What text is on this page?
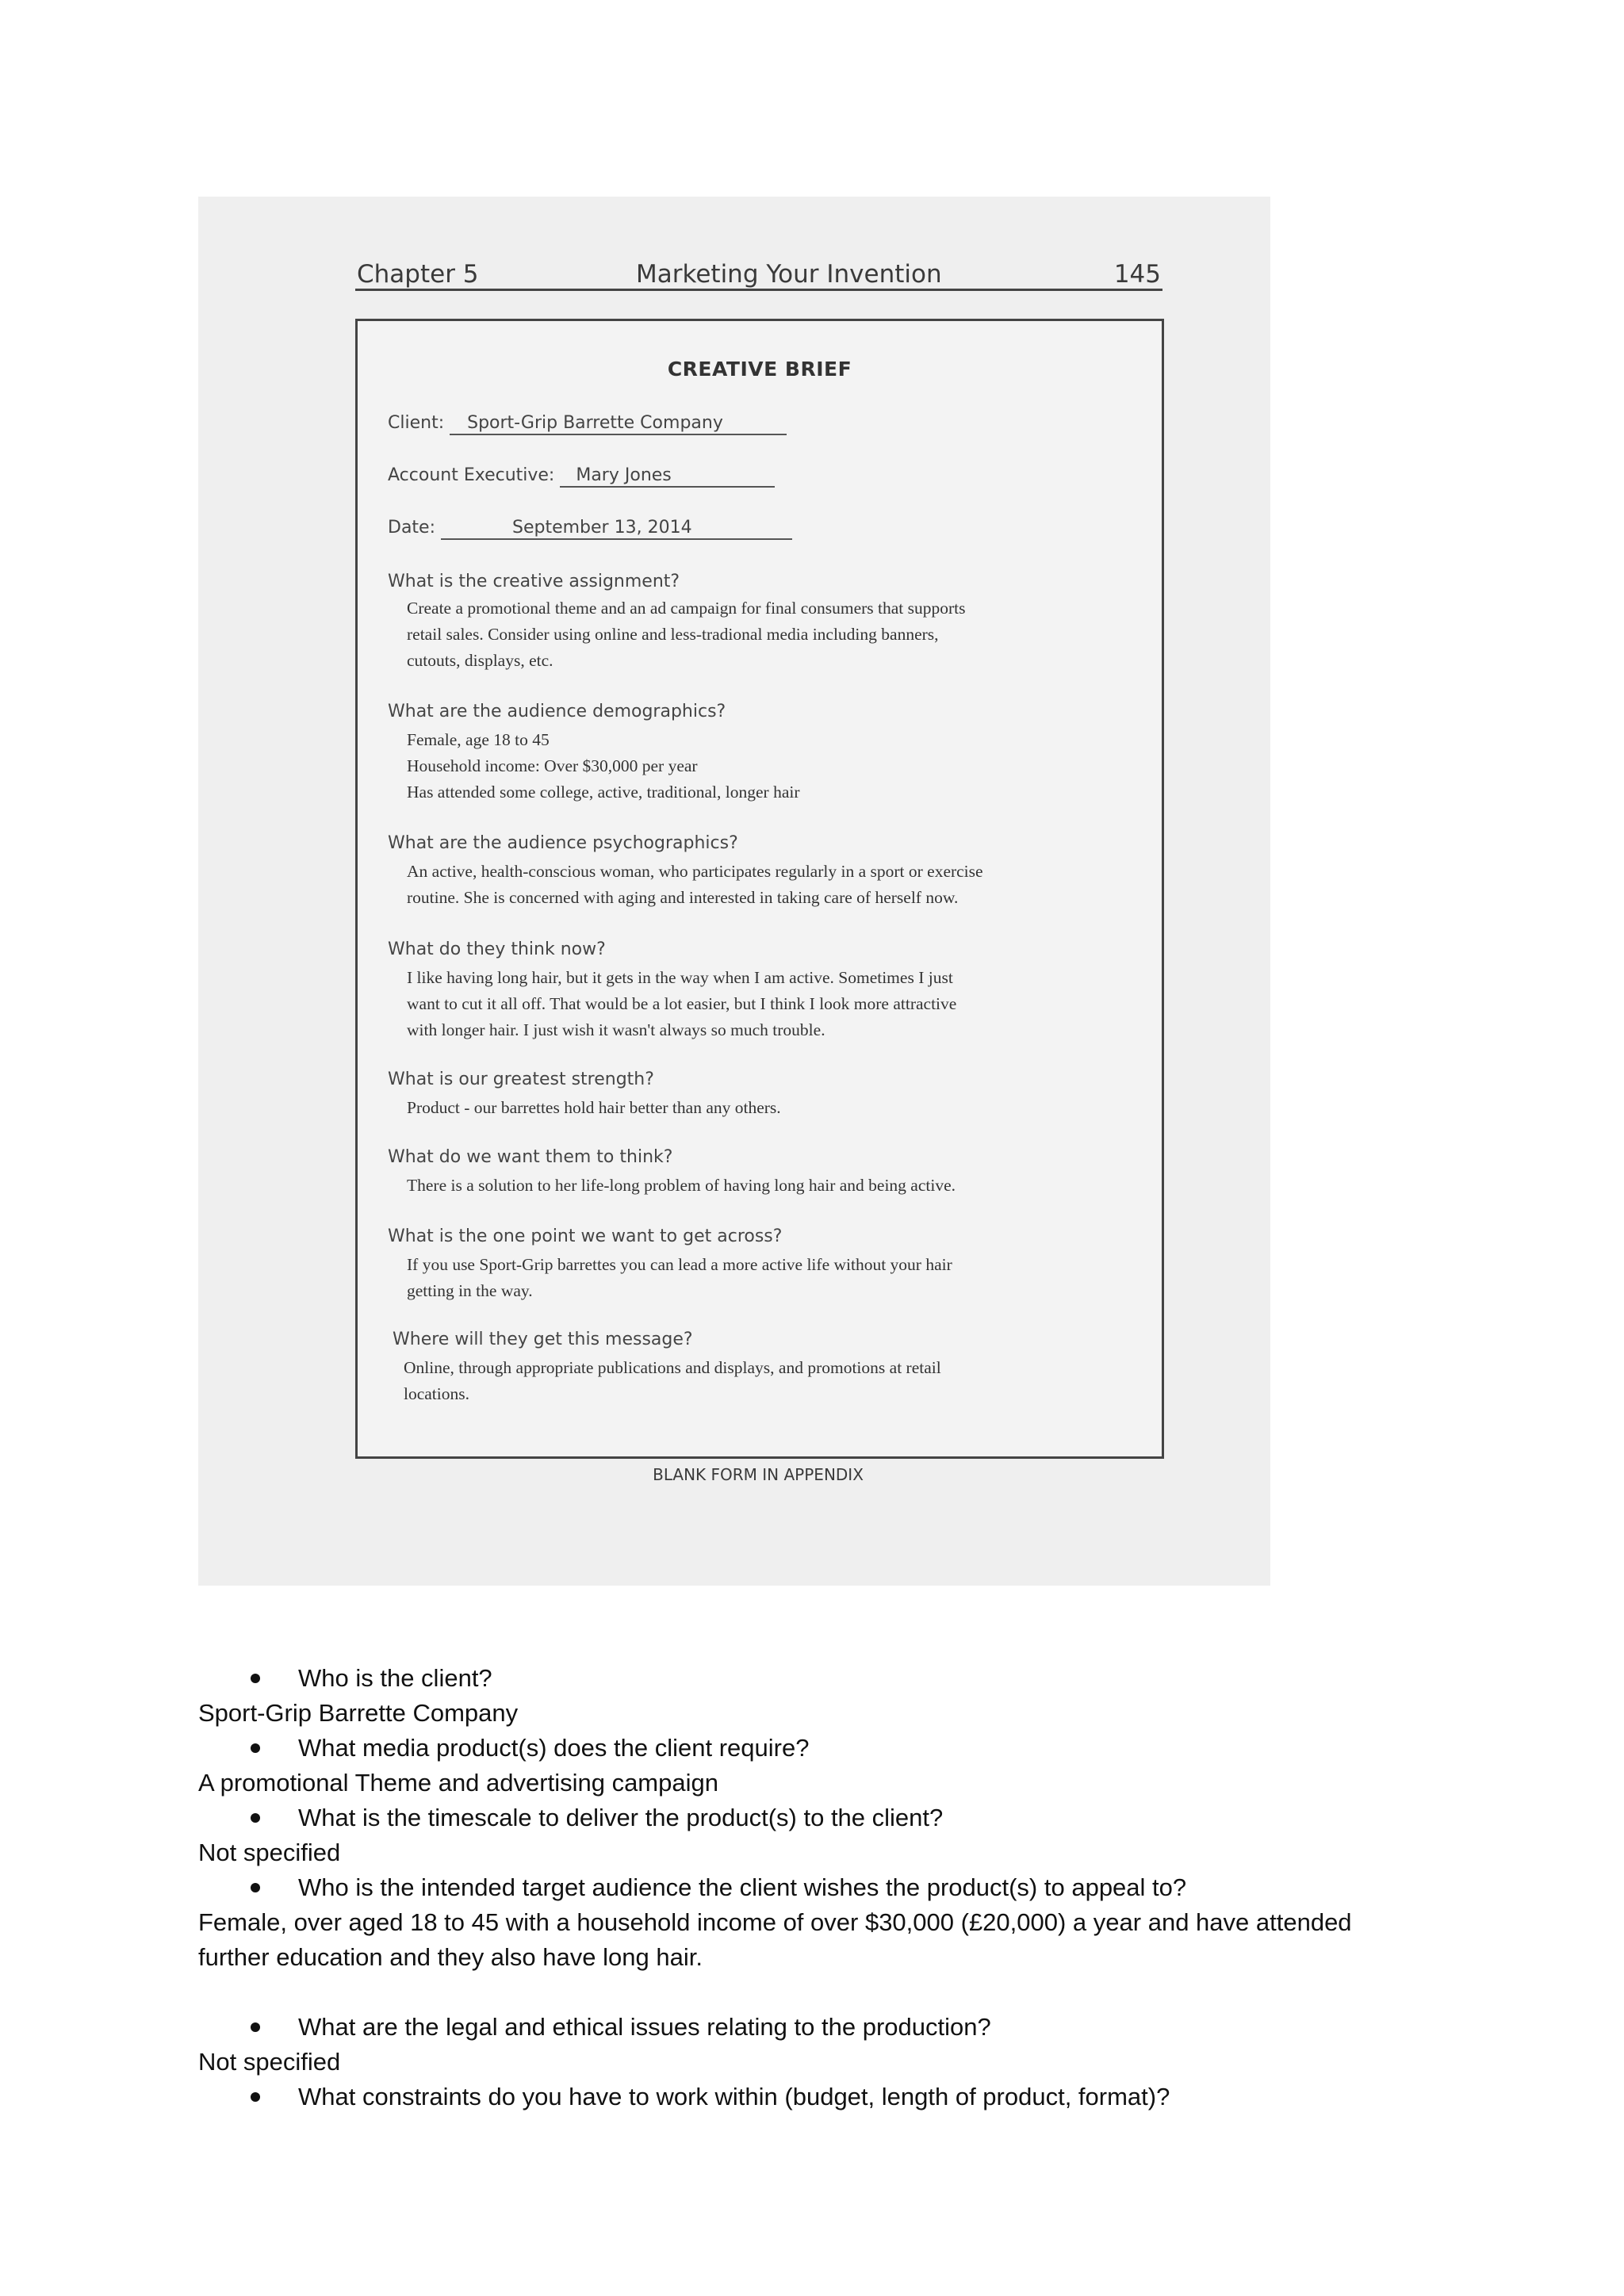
Chapter 5	Marketing Your Invention	145
CREATIVE BRIEF
Client: Sport-Grip Barrette Company
Account Executive: Mary Jones
Date:	September 13, 2014
What is the creative assignment?
Create a promotional theme and an ad campaign for final consumers that supports
retail sales. Consider using online and less-tradional media including banners,
cutouts, displays, etc.
What are the audience demographics?
Female, age 18 to 45
Household income: Over $30,000 per year
Has attended some college, active, traditional, longer hair
What are the audience psychographics?
An active, health-conscious woman, who participates regularly in a sport or exercise
routine. She is concerned with aging and interested in taking care of herself now.
What do they think now?
I like having long hair, but it gets in the way when I am active. Sometimes I just
want to cut it all off. That would be a lot easier, but I think I look more attractive
with longer hair. I just wish it wasn't always so much trouble.
What is our greatest strength?
Product - our barrettes hold hair better than any others.
What do we want them to think?
There is a solution to her life-long problem of having long hair and being active.
What is the one point we want to get across?
If you use Sport-Grip barrettes you can lead a more active life without your hair
getting in the way.
Where will they get this message?
Online, through appropriate publications and displays, and promotions at retail
locations.
BLANK FORM IN APPENDIX
Who is the client?
Sport-Grip Barrette Company
What media product(s) does the client require?
A promotional Theme and advertising campaign
What is the timescale to deliver the product(s) to the client?
Not specified
Who is the intended target audience the client wishes the product(s) to appeal to?
Female, over aged 18 to 45 with a household income of over $30,000 (£20,000) a year and have attended
further education and they also have long hair.
What are the legal and ethical issues relating to the production?
Not specified
What constraints do you have to work within (budget, length of product, format)?
